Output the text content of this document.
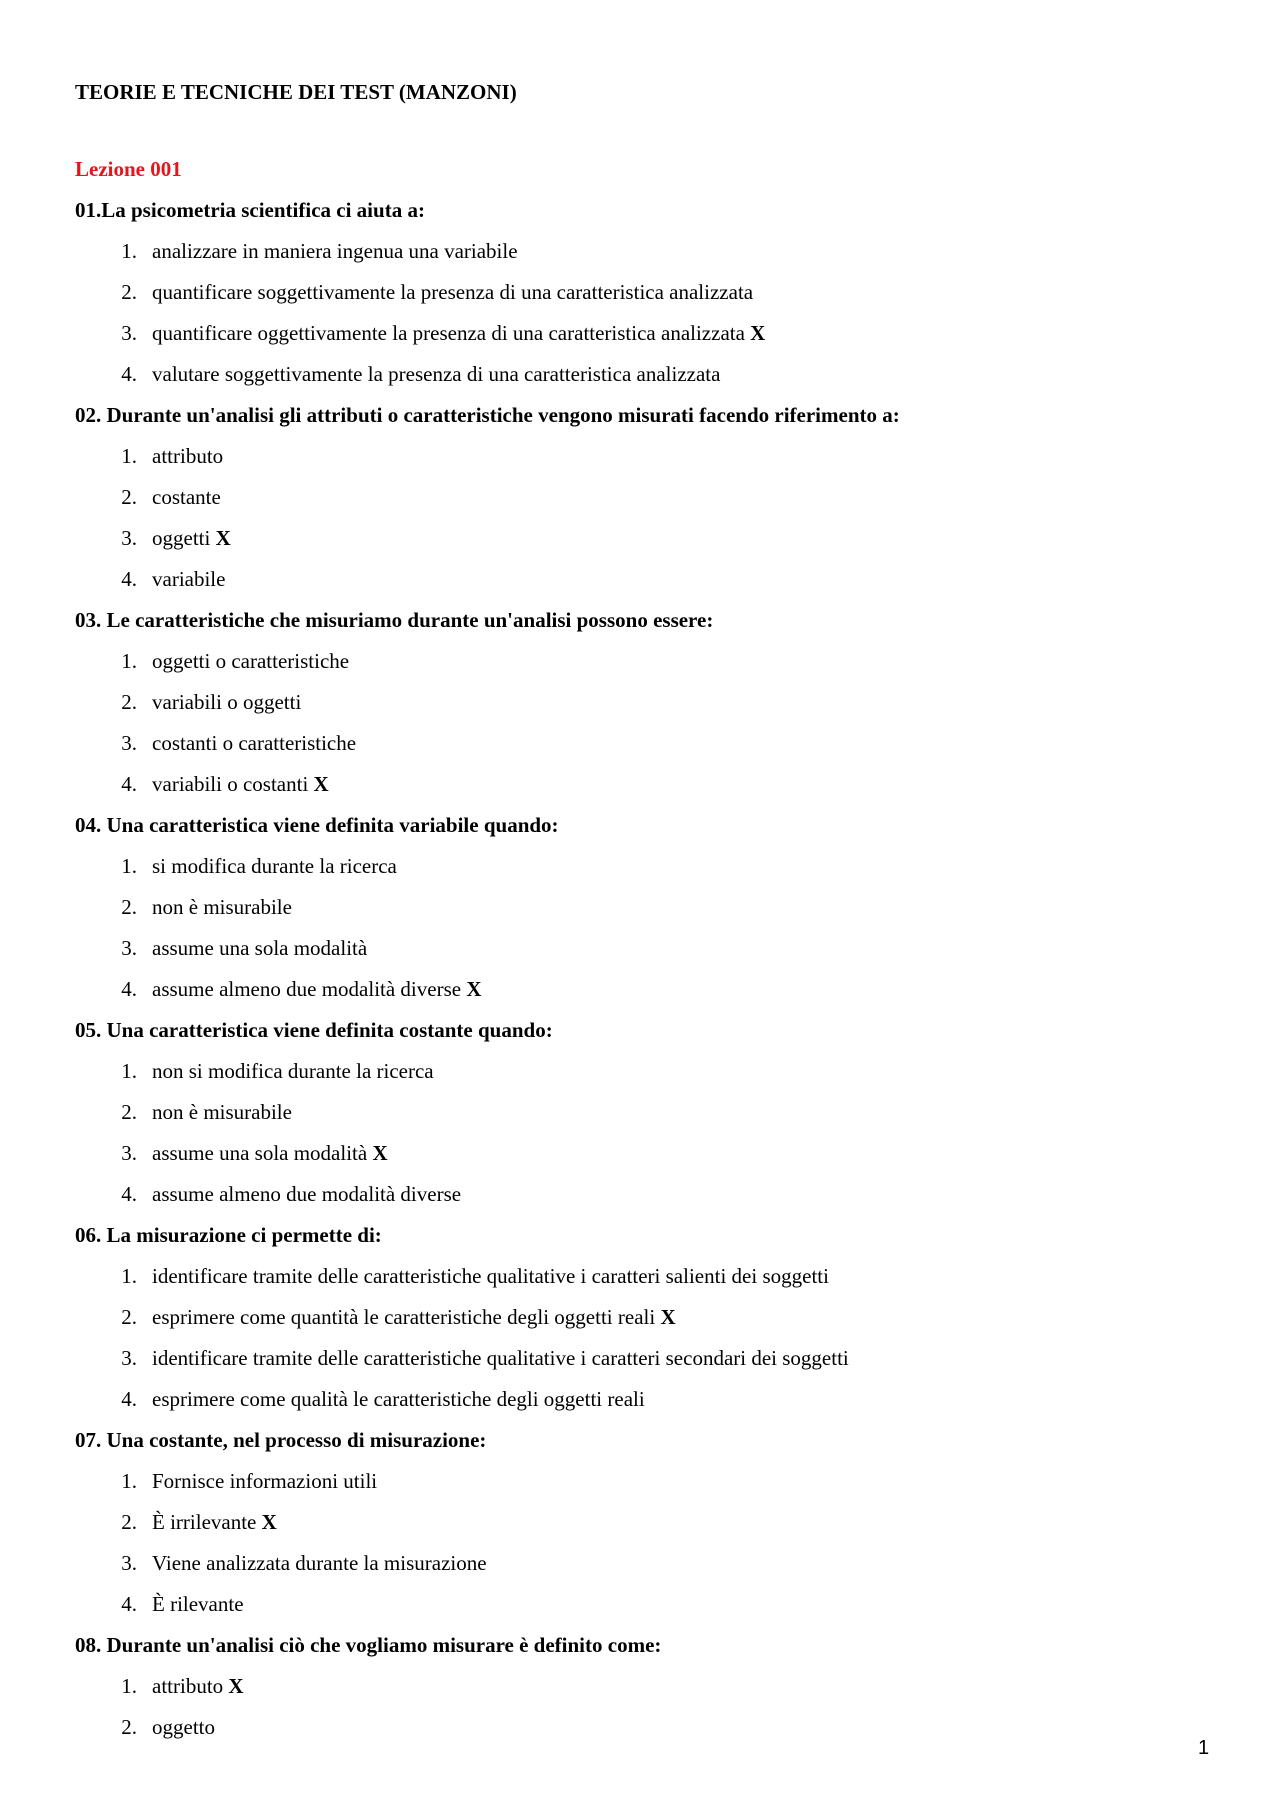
TEORIE E TECNICHE DEI TEST (MANZONI)
Lezione 001
01.La psicometria scientifica ci aiuta a:
1. analizzare in maniera ingenua una variabile
2. quantificare soggettivamente la presenza di una caratteristica analizzata
3. quantificare oggettivamente la presenza di una caratteristica analizzata X
4. valutare soggettivamente la presenza di una caratteristica analizzata
02. Durante un'analisi gli attributi o caratteristiche vengono misurati facendo riferimento a:
1. attributo
2. costante
3. oggetti X
4. variabile
03. Le caratteristiche che misuriamo durante un'analisi possono essere:
1. oggetti o caratteristiche
2. variabili o oggetti
3. costanti o caratteristiche
4. variabili o costanti X
04. Una caratteristica viene definita variabile quando:
1. si modifica durante la ricerca
2. non è misurabile
3. assume una sola modalità
4. assume almeno due modalità diverse X
05. Una caratteristica viene definita costante quando:
1. non si modifica durante la ricerca
2. non è misurabile
3. assume una sola modalità X
4. assume almeno due modalità diverse
06. La misurazione ci permette di:
1. identificare tramite delle caratteristiche qualitative i caratteri salienti dei soggetti
2. esprimere come quantità le caratteristiche degli oggetti reali X
3. identificare tramite delle caratteristiche qualitative i caratteri secondari dei soggetti
4. esprimere come qualità le caratteristiche degli oggetti reali
07. Una costante, nel processo di misurazione:
1. Fornisce informazioni utili
2. È irrilevante X
3. Viene analizzata durante la misurazione
4. È rilevante
08. Durante un'analisi ciò che vogliamo misurare è definito come:
1. attributo X
2. oggetto
1
